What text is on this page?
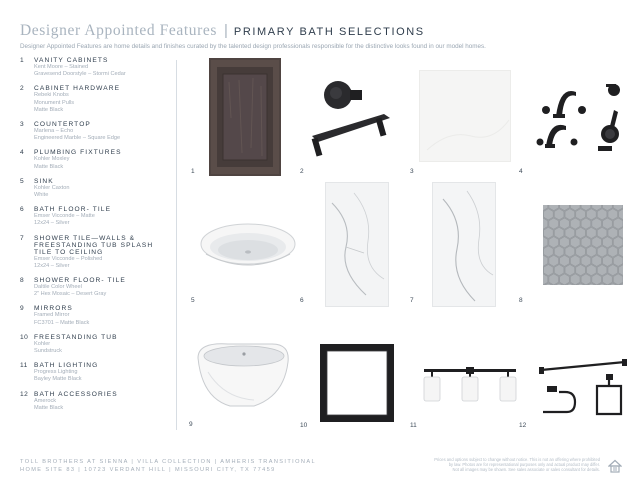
Designer Appointed Features | PRIMARY BATH SELECTIONS
Designer Appointed Features are home details and finishes curated by the talented design professionals responsible for the distinctive looks found in our model homes.
1	VANITY CABINETS
Kent Moore – Stained
Gravesend Doorstyle – Stormi Cedar
2	CABINET HARDWARE
Rebeki Knobs
Monument Pulls
Matte Black
3	COUNTERTOP
Marlena – Echo
Engineered Marble – Square Edge
4	PLUMBING FIXTURES
Kohler Moxley
Matte Black
5	SINK
Kohler Caxton
White
6	BATH FLOOR- TILE
Emser Vicconde – Matte
12x24 – Silver
7	SHOWER TILE—WALLS & FREESTANDING TUB SPLASH TILE TO CEILING
Emser Vicconde – Polished
12x24 – Silver
8	SHOWER FLOOR- TILE
Daltile Color Wheel
2" Hex Mosaic – Desert Gray
9	MIRRORS
Framed Mirror
FC3701 – Matte Black
10 FREESTANDING TUB
Kohler
Sundstruck
11 BATH LIGHTING
Progress Lighting
Bayley Matte Black
12 BATH ACCESSORIES
Amerock
Matte Black
1	2	3	4
5	6	7	8
9	10	11	12
TOLL BROTHERS AT SIENNA | VILLA COLLECTION | AMHERIS TRANSITIONAL
HOME SITE 83 | 10723 VERDANT HILL | MISSOURI CITY, TX 77459
Prices and options subject to change without notice. This is not an offering where prohibited
by law. Photos are for representational purposes only and actual product may differ.
Not all images may be shown. See sales associate or sales consultant for details.
